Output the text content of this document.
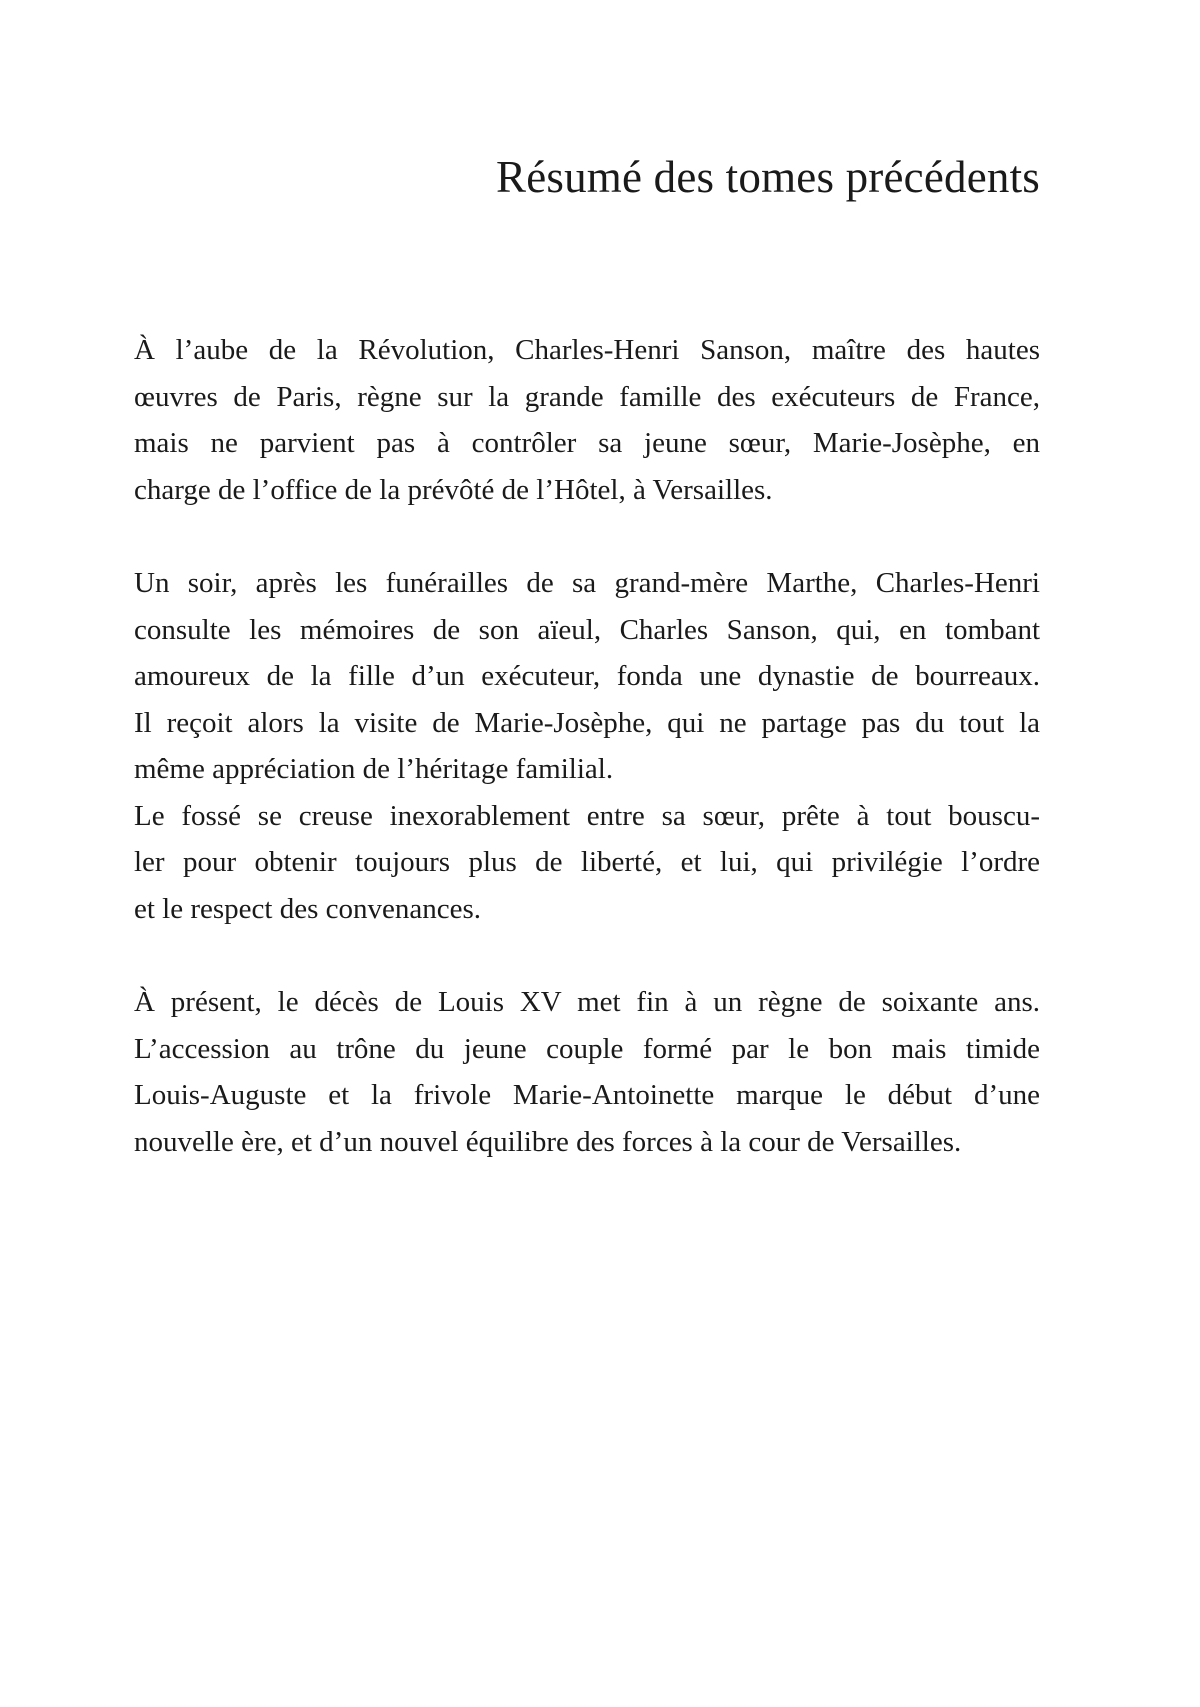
Résumé des tomes précédents

À l’aube de la Révolution, Charles-Henri Sanson, maître des hautes
œuvres de Paris, règne sur la grande famille des exécuteurs de France,
mais ne parvient pas à contrôler sa jeune sœur, Marie-Josèphe, en
charge de l’office de la prévôté de l’Hôtel, à Versailles.

Un soir, après les funérailles de sa grand-mère Marthe, Charles-Henri
consulte les mémoires de son aïeul, Charles Sanson, qui, en tombant
amoureux de la fille d’un exécuteur, fonda une dynastie de bourreaux.
Il reçoit alors la visite de Marie-Josèphe, qui ne partage pas du tout la
même appréciation de l’héritage familial.
Le fossé se creuse inexorablement entre sa sœur, prête à tout bouscu-
ler pour obtenir toujours plus de liberté, et lui, qui privilégie l’ordre
et le respect des convenances.

À présent, le décès de Louis XV met fin à un règne de soixante ans.
L’accession au trône du jeune couple formé par le bon mais timide
Louis-Auguste et la frivole Marie-Antoinette marque le début d’une
nouvelle ère, et d’un nouvel équilibre des forces à la cour de Versailles.
